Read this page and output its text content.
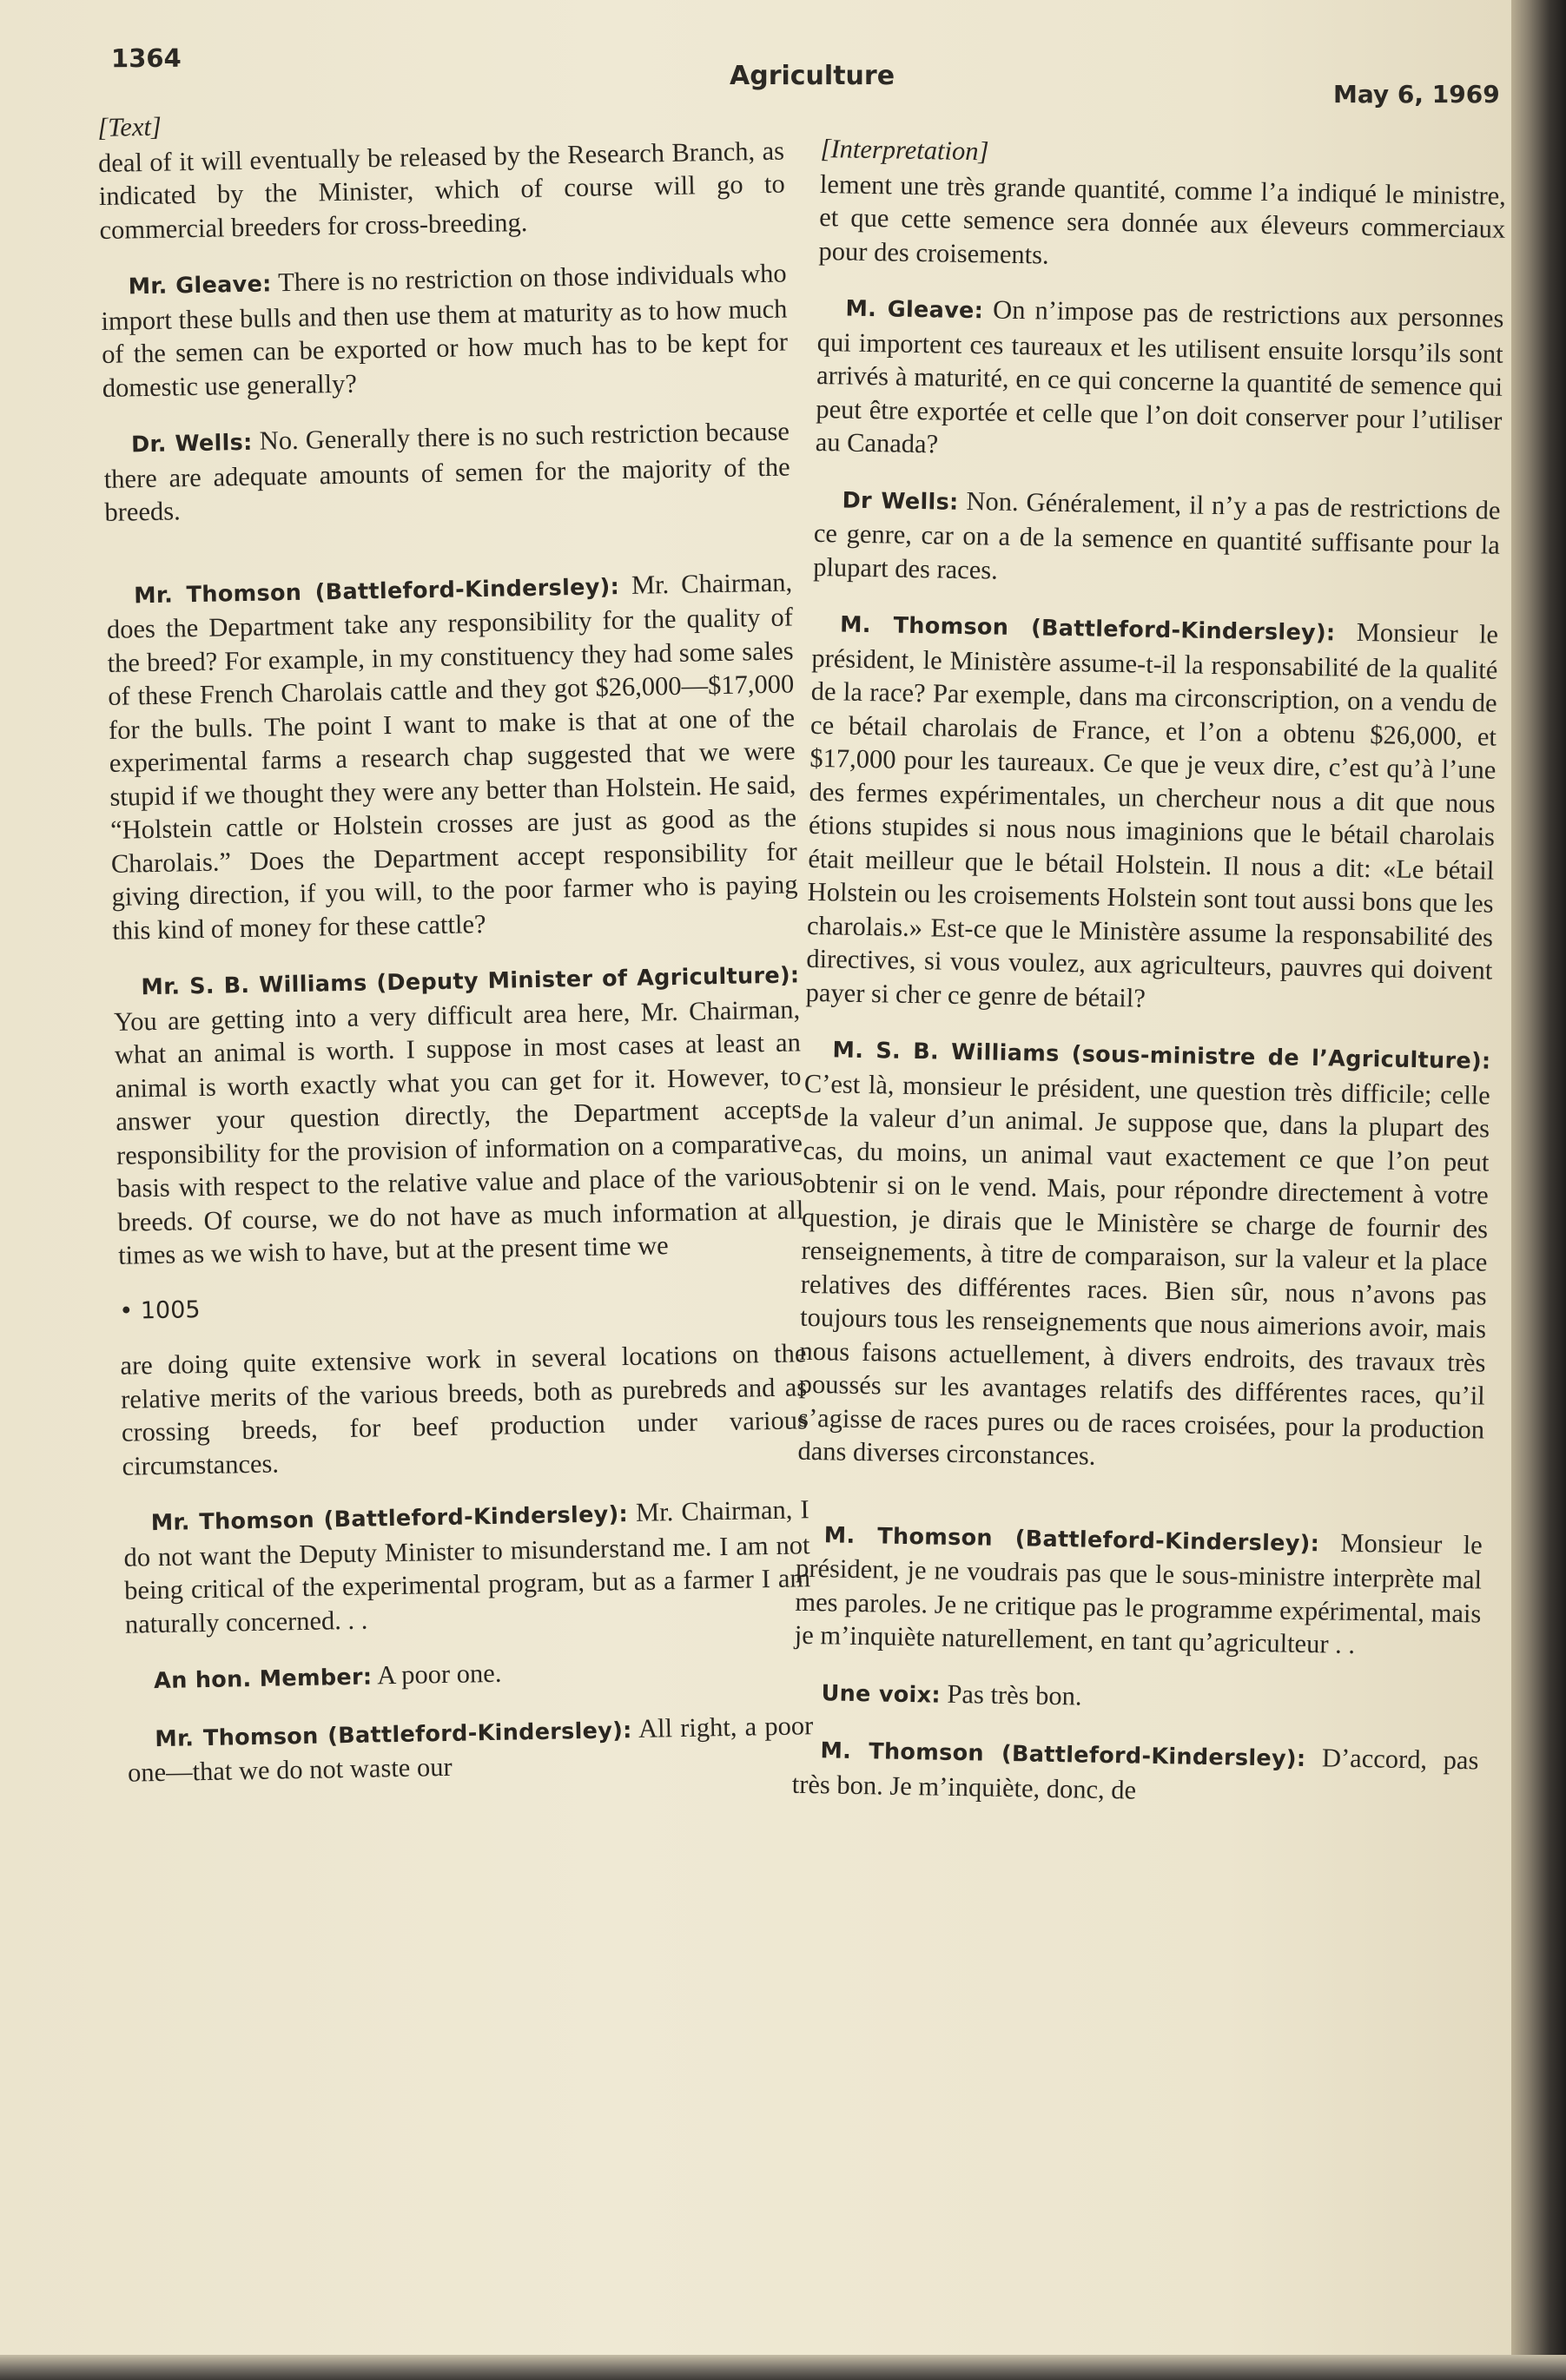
1364
Agriculture
May 6, 1969
[Text]

deal of it will eventually be released by the Research Branch, as indicated by the Minister, which of course will go to commercial breeders for cross-breeding.

Mr. Gleave: There is no restriction on those individuals who import these bulls and then use them at maturity as to how much of the semen can be exported or how much has to be kept for domestic use generally?

Dr. Wells: No. Generally there is no such restriction because there are adequate amounts of semen for the majority of the breeds.

Mr. Thomson (Battleford-Kindersley): Mr. Chairman, does the Department take any responsibility for the quality of the breed? For example, in my constituency they had some sales of these French Charolais cattle and they got $26,000—$17,000 for the bulls. The point I want to make is that at one of the experimental farms a research chap suggested that we were stupid if we thought they were any better than Holstein. He said, “Holstein cattle or Holstein crosses are just as good as the Charolais.” Does the Department accept responsibility for giving direction, if you will, to the poor farmer who is paying this kind of money for these cattle?

Mr. S. B. Williams (Deputy Minister of Agriculture): You are getting into a very difficult area here, Mr. Chairman, what an animal is worth. I suppose in most cases at least an animal is worth exactly what you can get for it. However, to answer your question directly, the Department accepts responsibility for the provision of information on a comparative basis with respect to the relative value and place of the various breeds. Of course, we do not have as much information at all times as we wish to have, but at the present time we

• 1005

are doing quite extensive work in several locations on the relative merits of the various breeds, both as purebreds and as crossing breeds, for beef production under various circumstances.

Mr. Thomson (Battleford-Kindersley): Mr. Chairman, I do not want the Deputy Minister to misunderstand me. I am not being critical of the experimental program, but as a farmer I am naturally concerned. . .

An hon. Member: A poor one.

Mr. Thomson (Battleford-Kindersley): All right, a poor one—that we do not waste our

[Interpretation]

lement une très grande quantité, comme l’a indiqué le ministre, et que cette semence sera donnée aux éleveurs commerciaux pour des croisements.

M. Gleave: On n’impose pas de restrictions aux personnes qui importent ces taureaux et les utilisent ensuite lorsqu’ils sont arrivés à maturité, en ce qui concerne la quantité de semence qui peut être exportée et celle que l’on doit conserver pour l’utiliser au Canada?

Dr Wells: Non. Généralement, il n’y a pas de restrictions de ce genre, car on a de la semence en quantité suffisante pour la plupart des races.

M. Thomson (Battleford-Kindersley): Monsieur le président, le Ministère assume-t-il la responsabilité de la qualité de la race? Par exemple, dans ma circonscription, on a vendu de ce bétail charolais de France, et l’on a obtenu $26,000, et $17,000 pour les taureaux. Ce que je veux dire, c’est qu’à l’une des fermes expérimentales, un chercheur nous a dit que nous étions stupides si nous nous imaginions que le bétail charolais était meilleur que le bétail Holstein. Il nous a dit: «Le bétail Holstein ou les croisements Holstein sont tout aussi bons que les charolais.» Est-ce que le Ministère assume la responsabilité des directives, si vous voulez, aux agriculteurs, pauvres qui doivent payer si cher ce genre de bétail?

M. S. B. Williams (sous-ministre de l’Agriculture): C’est là, monsieur le président, une question très difficile; celle de la valeur d’un animal. Je suppose que, dans la plupart des cas, du moins, un animal vaut exactement ce que l’on peut obtenir si on le vend. Mais, pour répondre directement à votre question, je dirais que le Ministère se charge de fournir des renseignements, à titre de comparaison, sur la valeur et la place relatives des différentes races. Bien sûr, nous n’avons pas toujours tous les renseignements que nous aimerions avoir, mais nous faisons actuellement, à divers endroits, des travaux très poussés sur les avantages relatifs des différentes races, qu’il s’agisse de races pures ou de races croisées, pour la production dans diverses circonstances.

M. Thomson (Battleford-Kindersley): Monsieur le président, je ne voudrais pas que le sous-ministre interprète mal mes paroles. Je ne critique pas le programme expérimental, mais je m’inquiète naturellement, en tant qu’agriculteur . .

Une voix: Pas très bon.

M. Thomson (Battleford-Kindersley): D’accord, pas très bon. Je m’inquiète, donc, de
